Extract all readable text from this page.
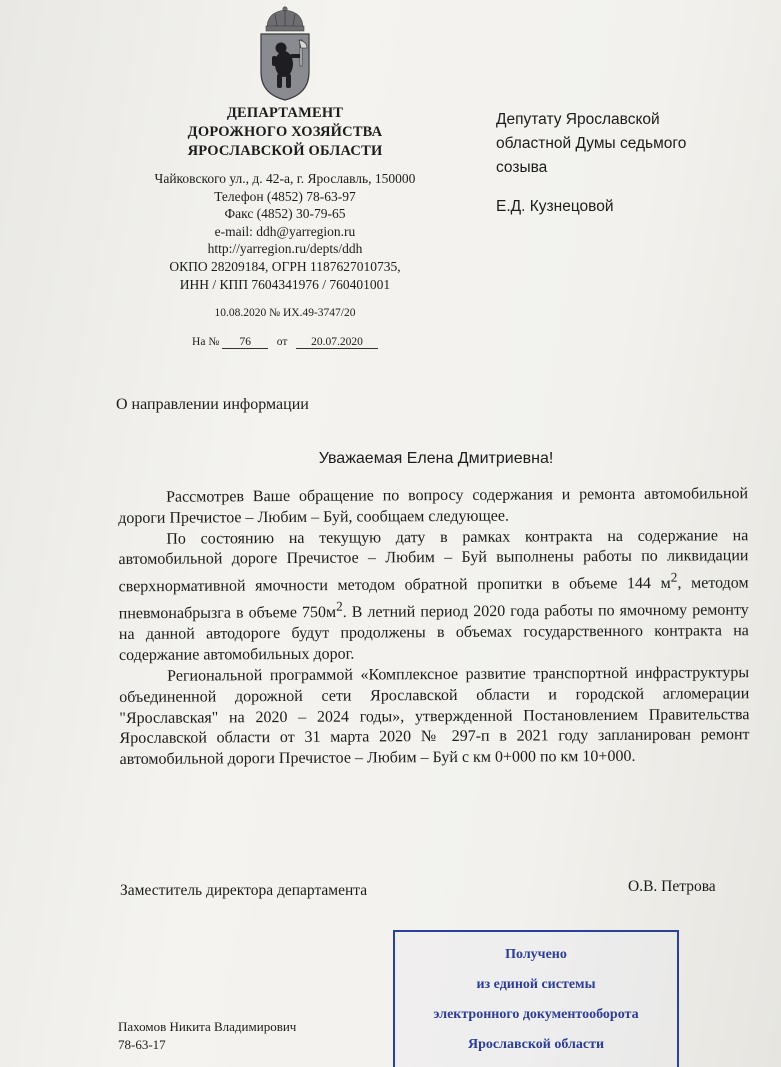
ДЕПАРТАМЕНТ
ДОРОЖНОГО ХОЗЯЙСТВА
ЯРОСЛАВСКОЙ ОБЛАСТИ
Чайковского ул., д. 42-а, г. Ярославль, 150000
Телефон (4852) 78-63-97
Факс (4852) 30-79-65
e-mail: ddh@yarregion.ru
http://yarregion.ru/depts/ddh
ОКПО 28209184, ОГРН 1187627010735,
ИНН / КПП 7604341976 / 760401001
10.08.2020 № ИХ.49-3747/20
На № 76 от 20.07.2020
Депутату Ярославской
областной Думы седьмого
созыва
Е.Д. Кузнецовой
О направлении информации
Уважаемая Елена Дмитриевна!

Рассмотрев Ваше обращение по вопросу содержания и ремонта автомобильной дороги Пречистое – Любим – Буй, сообщаем следующее.

По состоянию на текущую дату в рамках контракта на содержание на автомобильной дороге Пречистое – Любим – Буй выполнены работы по ликвидации сверхнормативной ямочности методом обратной пропитки в объеме 144 $м^2$, методом пневмонабрызга в объеме $750м^2$. В летний период 2020 года работы по ямочному ремонту на данной автодороге будут продолжены в объемах государственного контракта на содержание автомобильных дорог.

Региональной программой «Комплексное развитие транспортной инфраструктуры объединенной дорожной сети Ярославской области и городской агломерации "Ярославская" на 2020 – 2024 годы», утвержденной Постановлением Правительства Ярославской области от 31 марта 2020 № 297-п в 2021 году запланирован ремонт автомобильной дороги Пречистое – Любим – Буй с км 0+000 по км 10+000.

Заместитель директора департамента	О.В. Петрова
Получено
из единой системы
электронного документооборота
Ярославской области
Пахомов Никита Владимирович
78-63-17
